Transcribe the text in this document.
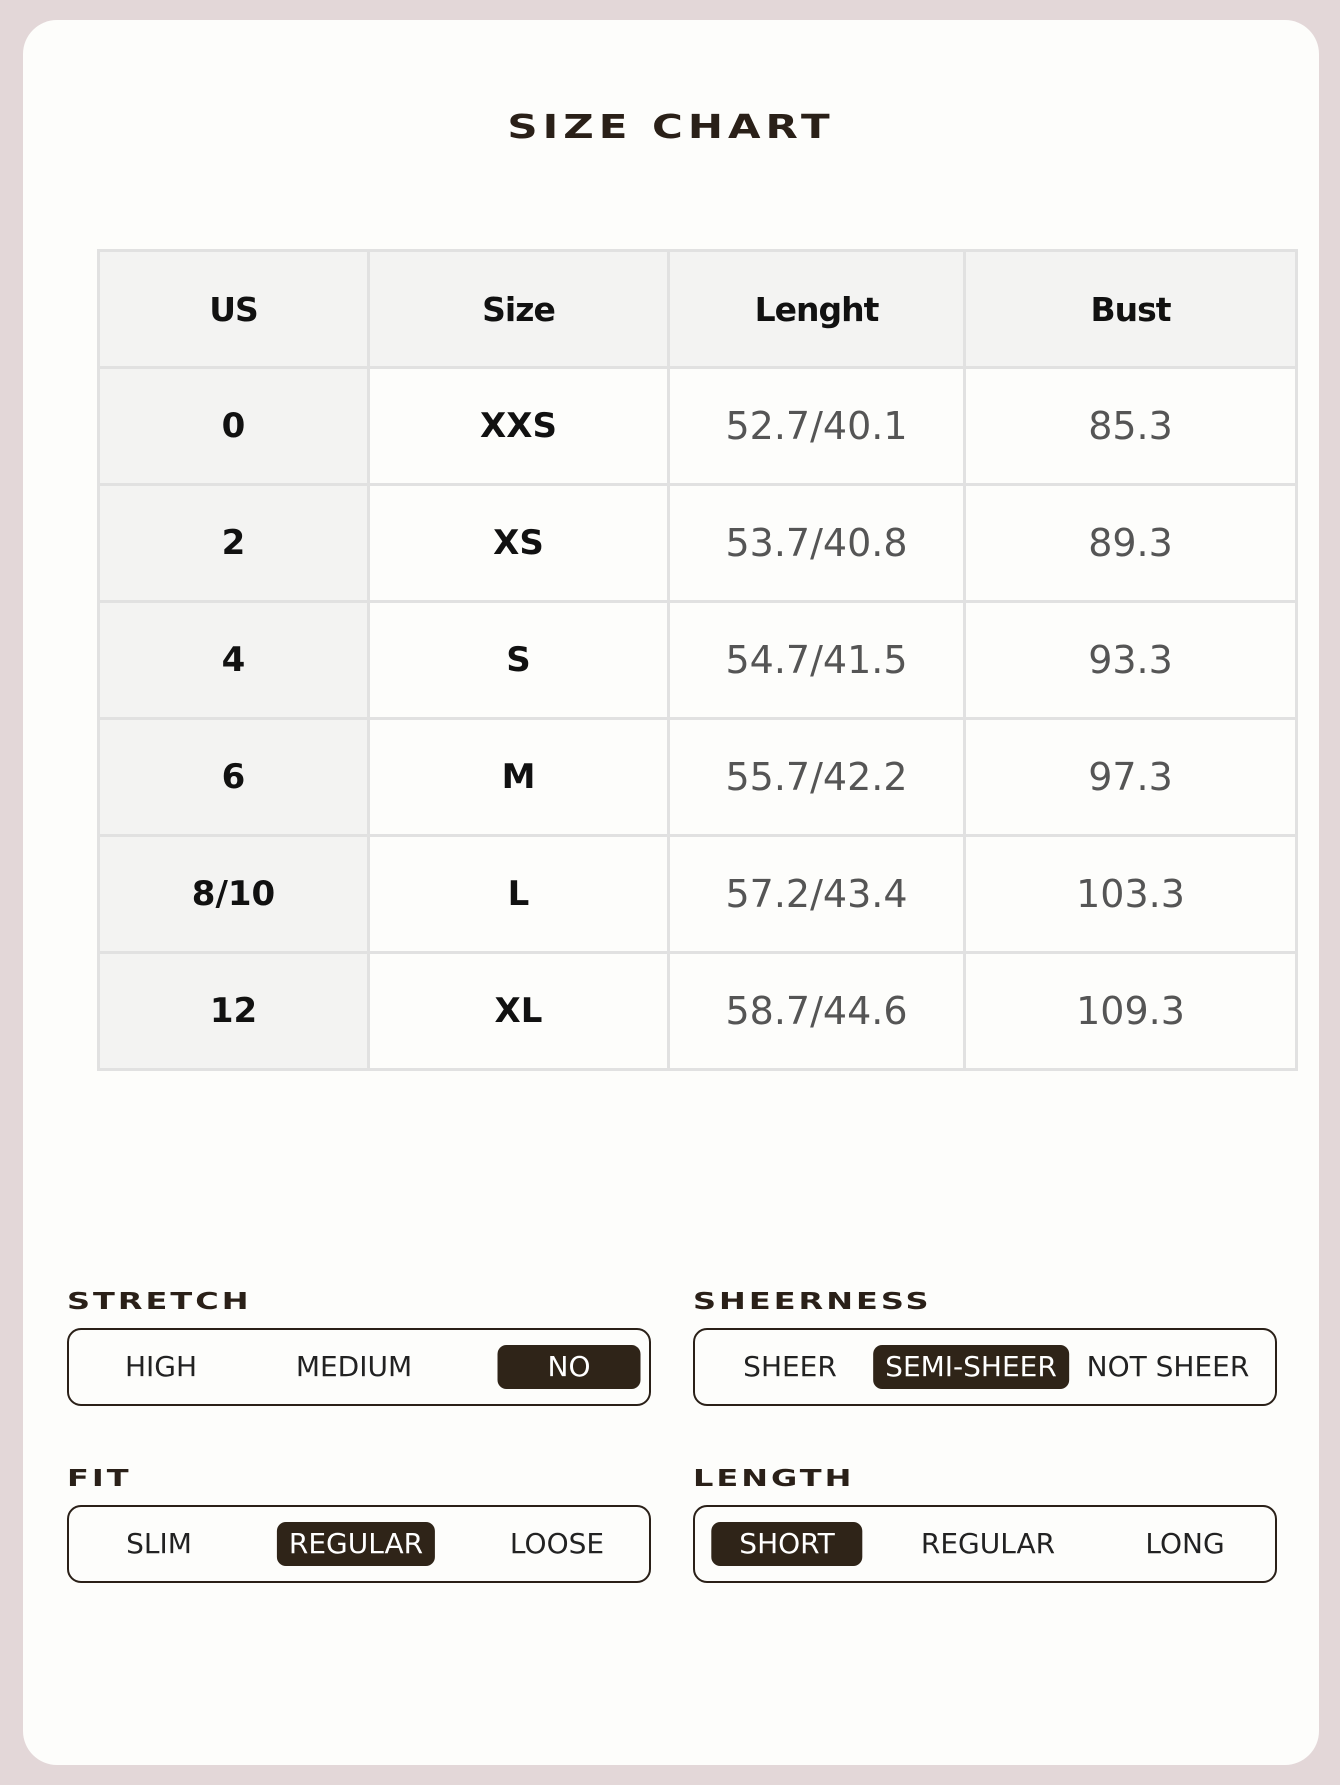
SIZE CHART
US	Size	Lenght	Bust
0	XXS	52.7/40.1	85.3
2	XS	53.7/40.8	89.3
4	S	54.7/41.5	93.3
6	M	55.7/42.2	97.3
8/10	L	57.2/43.4	103.3
12	XL	58.7/44.6	109.3
STRETCH
HIGH	MEDIUM	NO
SHEERNESS
SHEER	SEMI-SHEER	NOT SHEER
FIT
SLIM	REGULAR	LOOSE
LENGTH
SHORT	REGULAR	LONG
